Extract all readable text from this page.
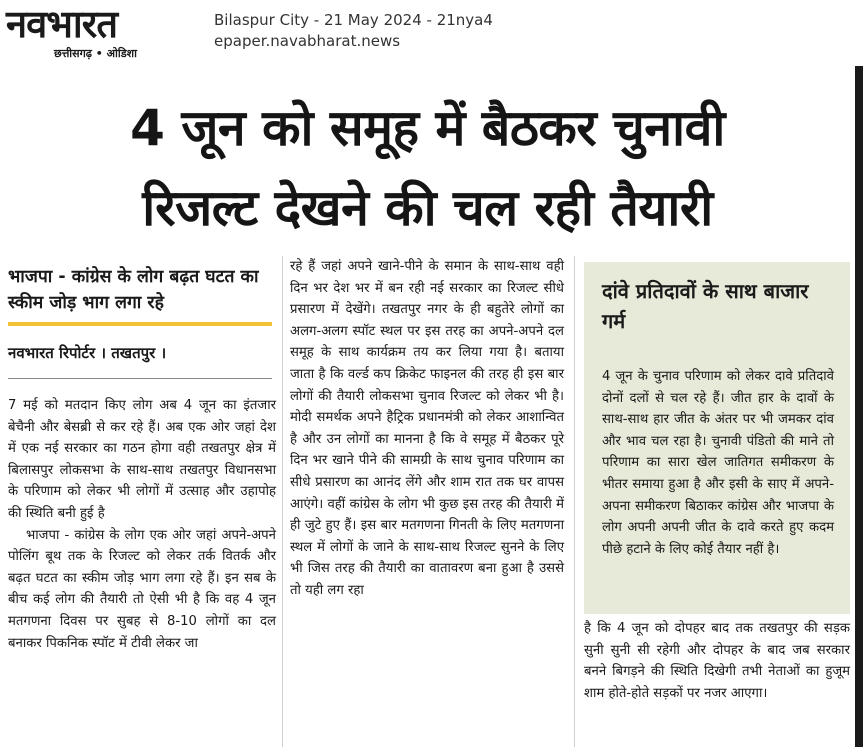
नवभारत
छत्तीसगढ़ • ओडिशा
Bilaspur City - 21 May 2024 - 21nya4
epaper.navabharat.news
4 जून को समूह में बैठकर चुनावी
रिजल्ट देखने की चल रही तैयारी
भाजपा - कांग्रेस के लोग बढ़त घटत का स्कीम जोड़ भाग लगा रहे
नवभारत रिपोर्टर । तखतपुर ।

7 मई को मतदान किए लोग अब 4 जून का इंतजार बेचैनी और बेसब्री से कर रहे हैं। अब एक ओर जहां देश में एक नई सरकार का गठन होगा वही तखतपुर क्षेत्र में बिलासपुर लोकसभा के साथ-साथ तखतपुर विधानसभा के परिणाम को लेकर भी लोगों में उत्साह और उहापोह की स्थिति बनी हुई है

भाजपा - कांग्रेस के लोग एक ओर जहां अपने-अपने पोलिंग बूथ तक के रिजल्ट को लेकर तर्क वितर्क और बढ़त घटत का स्कीम जोड़ भाग लगा रहे हैं। इन सब के बीच कई लोग की तैयारी तो ऐसी भी है कि वह 4 जून मतगणना दिवस पर सुबह से 8-10 लोगों का दल बनाकर पिकनिक स्पॉट में टीवी लेकर जा

रहे हैं जहां अपने खाने-पीने के समान के साथ-साथ वही दिन भर देश भर में बन रही नई सरकार का रिजल्ट सीधे प्रसारण में देखेंगे। तखतपुर नगर के ही बहुतेरे लोगों का अलग-अलग स्पॉट स्थल पर इस तरह का अपने-अपने दल समूह के साथ कार्यक्रम तय कर लिया गया है। बताया जाता है कि वर्ल्ड कप क्रिकेट फाइनल की तरह ही इस बार लोगों की तैयारी लोकसभा चुनाव रिजल्ट को लेकर भी है। मोदी समर्थक अपने हैट्रिक प्रधानमंत्री को लेकर आशान्वित है और उन लोगों का मानना है कि वे समूह में बैठकर पूरे दिन भर खाने पीने की सामग्री के साथ चुनाव परिणाम का सीधे प्रसारण का आनंद लेंगे और शाम रात तक घर वापस आएंगे। वहीं कांग्रेस के लोग भी कुछ इस तरह की तैयारी में ही जुटे हुए हैं। इस बार मतगणना गिनती के लिए मतगणना स्थल में लोगों के जाने के साथ-साथ रिजल्ट सुनने के लिए भी जिस तरह की तैयारी का वातावरण बना हुआ है उससे तो यही लग रहा

दांवे प्रतिदावों के साथ बाजार गर्म
4 जून के चुनाव परिणाम को लेकर दावे प्रतिदावे दोनों दलों से चल रहे हैं। जीत हार के दावों के साथ-साथ हार जीत के अंतर पर भी जमकर दांव और भाव चल रहा है। चुनावी पंडितो की माने तो परिणाम का सारा खेल जातिगत समीकरण के भीतर समाया हुआ है और इसी के साए में अपने-अपना समीकरण बिठाकर कांग्रेस और भाजपा के लोग अपनी अपनी जीत के दावे करते हुए कदम पीछे हटाने के लिए कोई तैयार नहीं है।
है कि 4 जून को दोपहर बाद तक तखतपुर की सड़क सुनी सुनी सी रहेगी और दोपहर के बाद जब सरकार बनने बिगड़ने की स्थिति दिखेगी तभी नेताओं का हुजूम शाम होते-होते सड़कों पर नजर आएगा।
